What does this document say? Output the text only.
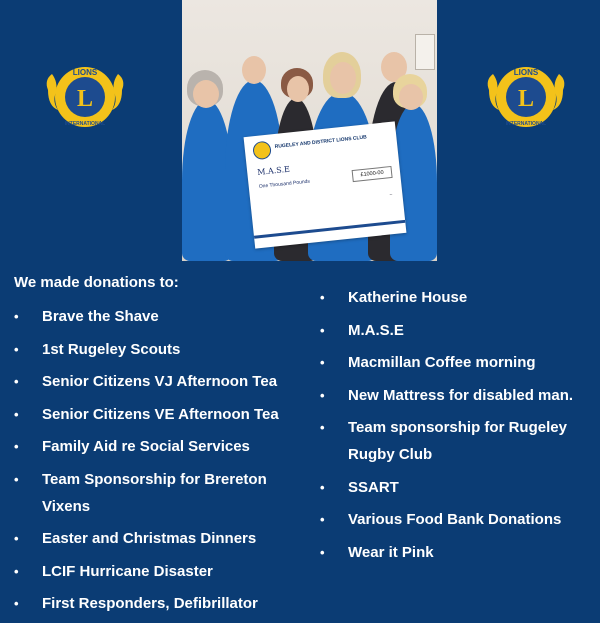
L
LIONS
INTERNATIONAL
L
LIONS
INTERNATIONAL
RUGELEY AND DISTRICT LIONS CLUB
M.A.S.E
One Thousand Pounds
£1000-00
~

We made donations to:

• Brave the Shave
• 1st Rugeley Scouts
• Senior Citizens VJ Afternoon Tea
• Senior Citizens VE Afternoon Tea
• Family Aid re Social Services
• Team Sponsorship for Brereton Vixens
• Easter and Christmas Dinners
• LCIF Hurricane Disaster
• First Responders, Defibrillator
• Katherine House
• M.A.S.E
• Macmillan Coffee morning
• New Mattress for disabled man.
• Team sponsorship for Rugeley Rugby Club
• SSART
• Various Food Bank Donations
• Wear it Pink
